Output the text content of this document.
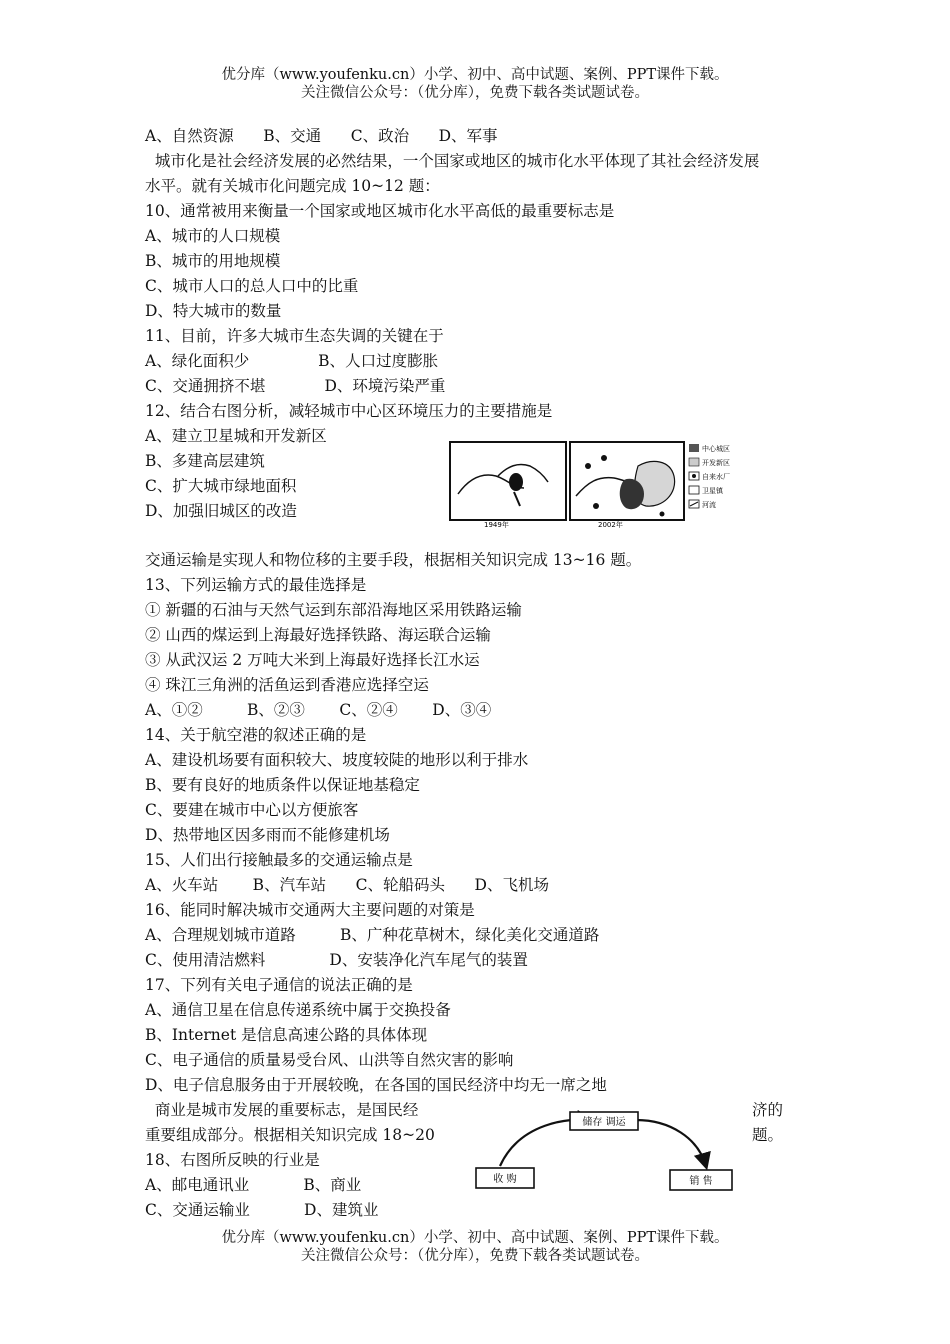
优分库（www.youfenku.cn）小学、初中、高中试题、案例、PPT课件下载。
关注微信公众号：（优分库），免费下载各类试题试卷。
A、自然资源      B、交通      C、政治      D、军事
城市化是社会经济发展的必然结果，一个国家或地区的城市化水平体现了其社会经济发展
水平。就有关城市化问题完成 10~12 题：
10、通常被用来衡量一个国家或地区城市化水平高低的最重要标志是
A、城市的人口规模
B、城市的用地规模
C、城市人口的总人口中的比重
D、特大城市的数量
11、目前，许多大城市生态失调的关键在于
A、绿化面积少              B、人口过度膨胀
C、交通拥挤不堪            D、环境污染严重
12、结合右图分析，减轻城市中心区环境压力的主要措施是
A、建立卫星城和开发新区
B、多建高层建筑
C、扩大城市绿地面积
D、加强旧城区的改造
1949年	2002年
中心城区
开发新区
自来水厂
卫星镇
河流
交通运输是实现人和物位移的主要手段，根据相关知识完成 13~16 题。
13、下列运输方式的最佳选择是
① 新疆的石油与天然气运到东部沿海地区采用铁路运输
② 山西的煤运到上海最好选择铁路、海运联合运输
③ 从武汉运 2 万吨大米到上海最好选择长江水运
④ 珠江三角洲的活鱼运到香港应选择空运
A、①②         B、②③       C、②④       D、③④
14、关于航空港的叙述正确的是
A、建设机场要有面积较大、坡度较陡的地形以利于排水
B、要有良好的地质条件以保证地基稳定
C、要建在城市中心以方便旅客
D、热带地区因多雨而不能修建机场
15、人们出行接触最多的交通运输点是
A、火车站       B、汽车站      C、轮船码头      D、飞机场
16、能同时解决城市交通两大主要问题的对策是
A、合理规划城市道路         B、广种花草树木，绿化美化交通道路
C、使用清洁燃料             D、安装净化汽车尾气的装置
17、下列有关电子通信的说法正确的是
A、通信卫星在信息传递系统中属于交换投备
B、Internet 是信息高速公路的具体体现
C、电子通信的质量易受台风、山洪等自然灾害的影响
D、电子信息服务由于开展较晚，在各国的国民经济中均无一席之地
商业是城市发展的重要标志，是国民经	济的
重要组成部分。根据相关知识完成 18~20	题。
18、右图所反映的行业是
A、邮电通讯业           B、商业
C、交通运输业           D、建筑业
储存 调运
收 购	销 售
优分库（www.youfenku.cn）小学、初中、高中试题、案例、PPT课件下载。
关注微信公众号：（优分库），免费下载各类试题试卷。
